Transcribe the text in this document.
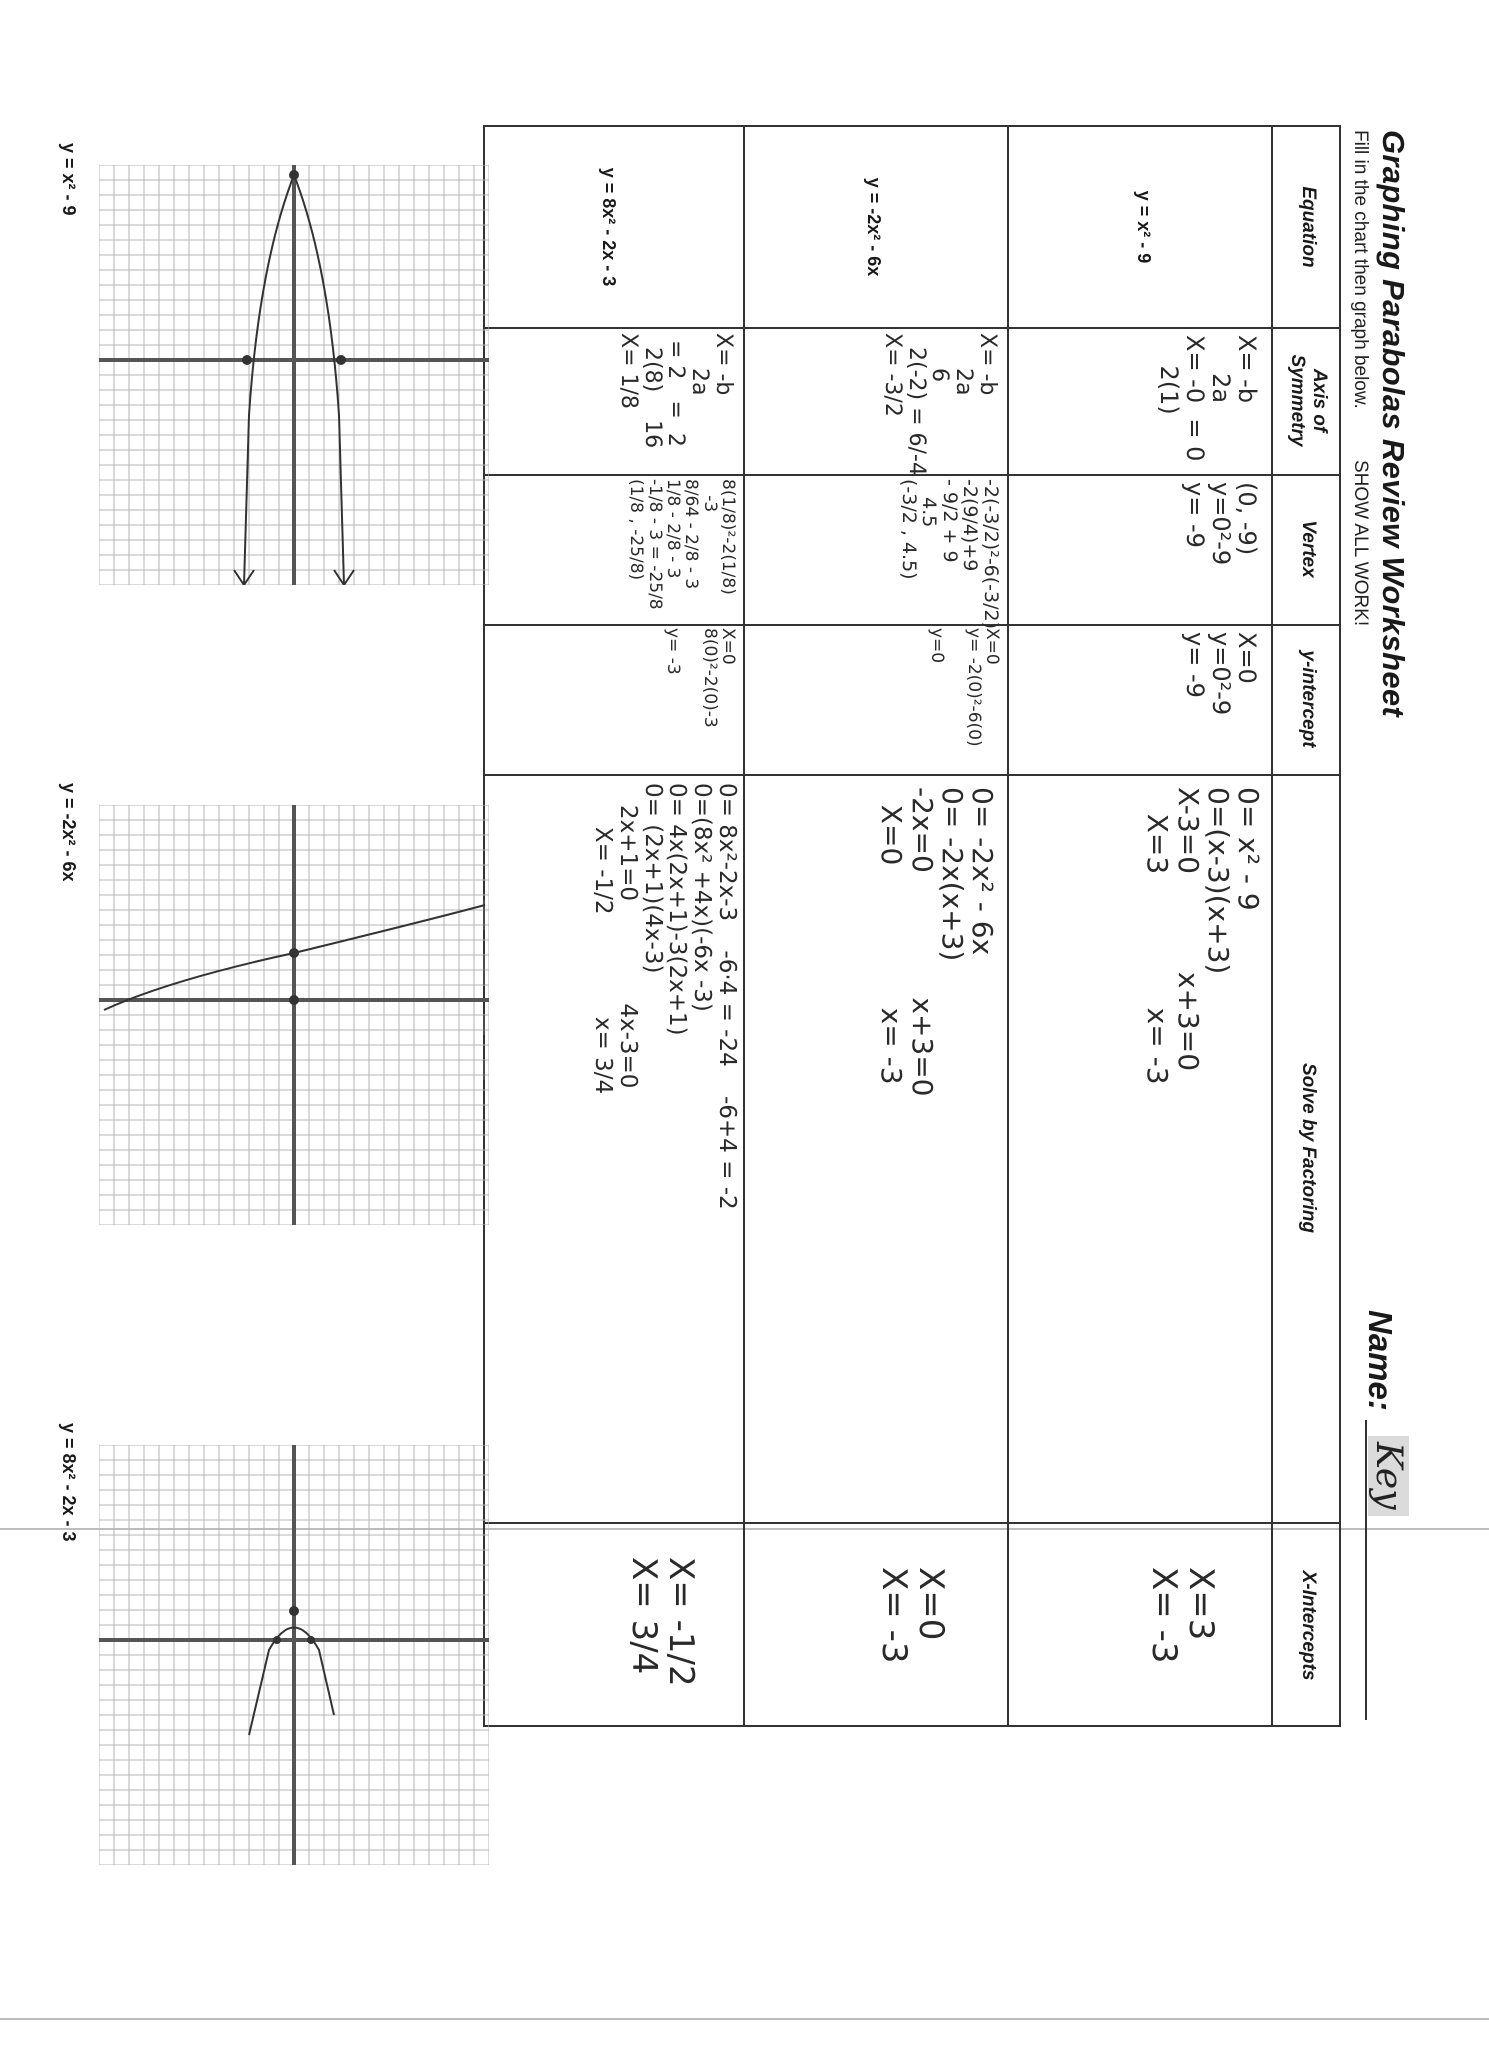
Graphing Parabolas Review Worksheet
Fill in the chart then graph below.
SHOW ALL WORK!
Name:
Key
Equation
Axis of
Symmetry
Vertex
y-intercept
Solve by Factoring
X-Intercepts
y = x² - 9
X= -b
2a
X= -0  = 0
2(1)
(0, -9)
y=0²-9
y= -9
X=0
y=0²-9
y= -9
0= x² - 9
0=(x-3)(x+3)
X-3=0           x+3=0
X=3               x= -3
X=3
X= -3
y = -2x² - 6x
X= -b
2a
6
2(-2) = 6/-4
X= -3/2
-2(-3/2)²-6(-3/2)
-2(9/4)+9
- 9/2 + 9
4.5
(-3/2 , 4.5)
X=0
y= -2(0)²-6(0)

y=0
0= -2x² - 6x
0= -2x(x+3)
-2x=0              x+3=0
X=0                x= -3
X=0
X= -3
y = 8x² - 2x - 3
X= -b
2a
= 2   =  2
2(8)    16
X= 1/8
8(1/8)²-2(1/8)
-3
8/64 - 2/8 - 3
1/8 - 2/8 - 3
-1/8 - 3 = -25/8
(1/8 , -25/8)
X=0
8(0)²-2(0)-3

y= -3
0= 8x²-2x-3    -6·4 = -24    -6+4 = -2
0=(8x² +4x)(-6x -3)
0= 4x(2x+1)-3(2x+1)
0= (2x+1)(4x-3)
2x+1=0              4x-3=0
X= -1/2              x= 3/4
X= -1/2
X= 3/4
y = x² - 9
y = -2x² - 6x
y = 8x² - 2x - 3
